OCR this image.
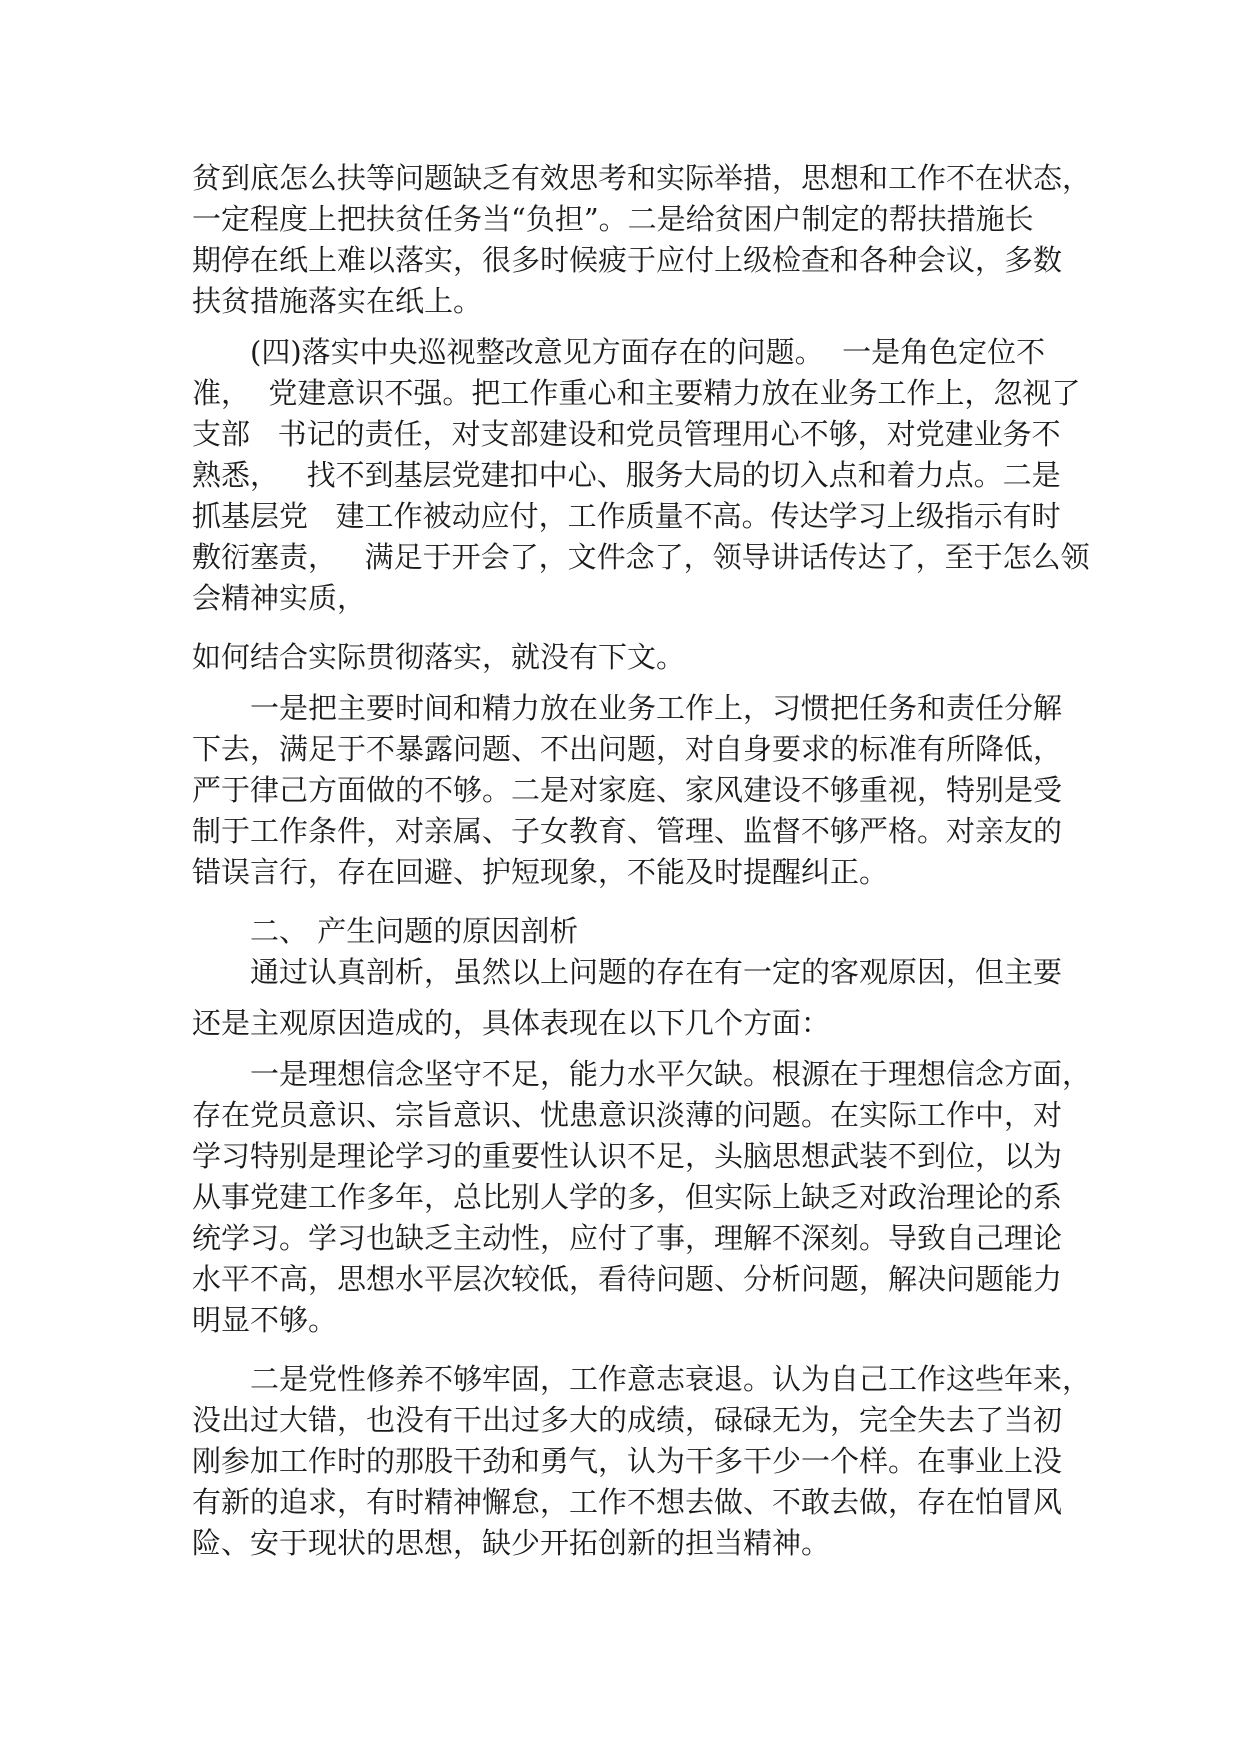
贫到底怎么扶等问题缺乏有效思考和实际举措，思想和工作不在状态，
一定程度上把扶贫任务当“负担”。二是给贫困户制定的帮扶措施长
期停在纸上难以落实，很多时候疲于应付上级检查和各种会议，多数
扶贫措施落实在纸上。
(四)落实中央巡视整改意见方面存在的问题。  一是角色定位不
准，  党建意识不强。把工作重心和主要精力放在业务工作上，忽视了
支部   书记的责任，对支部建设和党员管理用心不够，对党建业务不
熟悉，   找不到基层党建扣中心、服务大局的切入点和着力点。二是
抓基层党   建工作被动应付，工作质量不高。传达学习上级指示有时
敷衍塞责，   满足于开会了，文件念了，领导讲话传达了，至于怎么领
会精神实质，
如何结合实际贯彻落实，就没有下文。
一是把主要时间和精力放在业务工作上，习惯把任务和责任分解
下去，满足于不暴露问题、不出问题，对自身要求的标准有所降低，
严于律己方面做的不够。二是对家庭、家风建设不够重视，特别是受
制于工作条件，对亲属、子女教育、管理、监督不够严格。对亲友的
错误言行，存在回避、护短现象，不能及时提醒纠正。
二、 产生问题的原因剖析
通过认真剖析，虽然以上问题的存在有一定的客观原因，但主要
还是主观原因造成的，具体表现在以下几个方面：
一是理想信念坚守不足，能力水平欠缺。根源在于理想信念方面，
存在党员意识、宗旨意识、忧患意识淡薄的问题。在实际工作中，对
学习特别是理论学习的重要性认识不足，头脑思想武装不到位，以为
从事党建工作多年，总比别人学的多，但实际上缺乏对政治理论的系
统学习。学习也缺乏主动性，应付了事，理解不深刻。导致自己理论
水平不高，思想水平层次较低，看待问题、分析问题，解决问题能力
明显不够。
二是党性修养不够牢固，工作意志衰退。认为自己工作这些年来，
没出过大错，也没有干出过多大的成绩，碌碌无为，完全失去了当初
刚参加工作时的那股干劲和勇气，认为干多干少一个样。在事业上没
有新的追求，有时精神懈怠，工作不想去做、不敢去做，存在怕冒风
险、安于现状的思想，缺少开拓创新的担当精神。
